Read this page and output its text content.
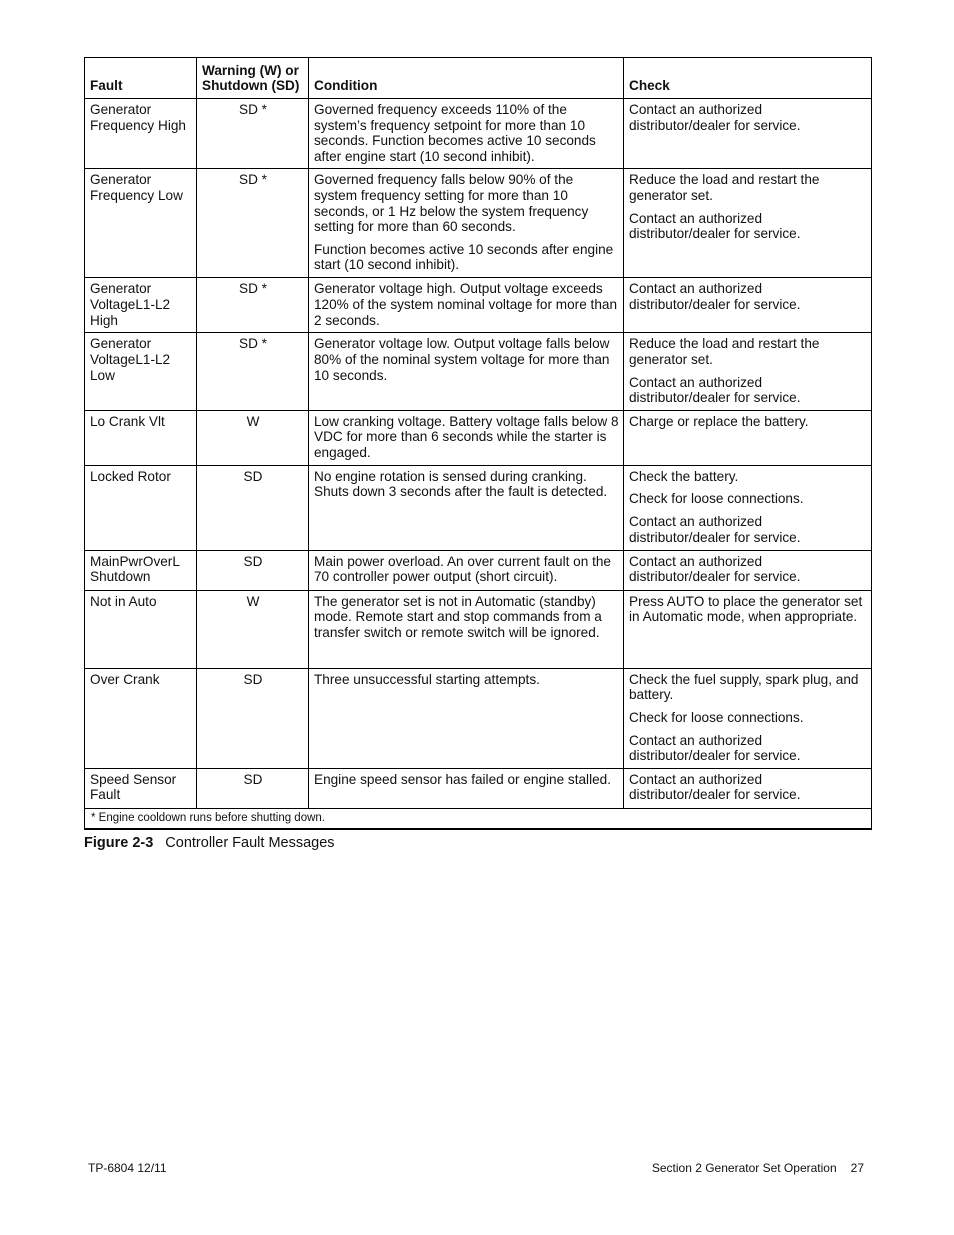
Fault	Warning (W) or Shutdown (SD)	Condition	Check
Generator Frequency High	SD *	Governed frequency exceeds 110% of the system’s frequency setpoint for more than 10 seconds. Function becomes active 10 seconds after engine start (10 second inhibit).	Contact an authorized distributor/dealer for service.

Generator Frequency Low	SD *	Governed frequency falls below 90% of the system frequency setting for more than 10 seconds, or 1 Hz below the system frequency setting for more than 60 seconds.
Function becomes active 10 seconds after engine start (10 second inhibit).	Reduce the load and restart the generator set.
Contact an authorized distributor/dealer for service.

Generator VoltageL1-L2 High	SD *	Generator voltage high. Output voltage exceeds 120% of the system nominal voltage for more than 2 seconds.	Contact an authorized distributor/dealer for service.

Generator VoltageL1-L2 Low	SD *	Generator voltage low. Output voltage falls below 80% of the nominal system voltage for more than 10 seconds.	Reduce the load and restart the generator set.
Contact an authorized distributor/dealer for service.

Lo Crank Vlt	W	Low cranking voltage. Battery voltage falls below 8 VDC for more than 6 seconds while the starter is engaged.	Charge or replace the battery.

Locked Rotor	SD	No engine rotation is sensed during cranking. Shuts down 3 seconds after the fault is detected.	Check the battery.
Check for loose connections.
Contact an authorized distributor/dealer for service.

MainPwrOverL Shutdown	SD	Main power overload. An over current fault on the 70 controller power output (short circuit).	Contact an authorized distributor/dealer for service.

Not in Auto	W	The generator set is not in Automatic (standby) mode. Remote start and stop commands from a transfer switch or remote switch will be ignored.	Press AUTO to place the generator set in Automatic mode, when appropriate.

Over Crank	SD	Three unsuccessful starting attempts.	Check the fuel supply, spark plug, and battery.
Check for loose connections.
Contact an authorized distributor/dealer for service.

Speed Sensor Fault	SD	Engine speed sensor has failed or engine stalled.	Contact an authorized distributor/dealer for service.

* Engine cooldown runs before shutting down.			
Figure 2-3 Controller Fault Messages
TP-6804 12/11	Section 2 Generator Set Operation 27
